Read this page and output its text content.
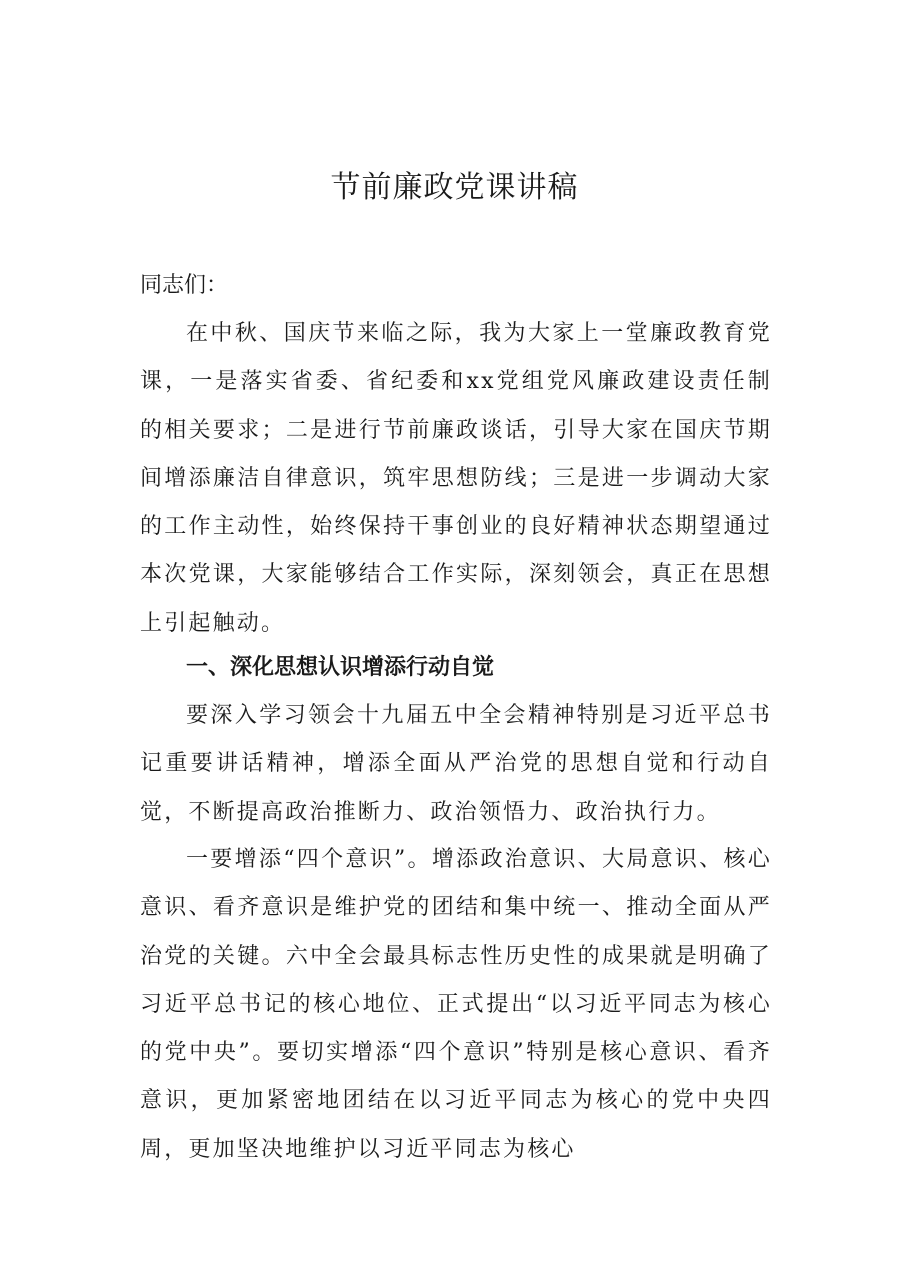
节前廉政党课讲稿
同志们：
在中秋、国庆节来临之际，我为大家上一堂廉政教育党课，一是落实省委、省纪委和xx党组党风廉政建设责任制的相关要求；二是进行节前廉政谈话，引导大家在国庆节期间增添廉洁自律意识，筑牢思想防线；三是进一步调动大家的工作主动性，始终保持干事创业的良好精神状态期望通过本次党课，大家能够结合工作实际，深刻领会，真正在思想上引起触动。
一、深化思想认识增添行动自觉
要深入学习领会十九届五中全会精神特别是习近平总书记重要讲话精神，增添全面从严治党的思想自觉和行动自觉，不断提高政治推断力、政治领悟力、政治执行力。
一要增添“四个意识”。增添政治意识、大局意识、核心意识、看齐意识是维护党的团结和集中统一、推动全面从严治党的关键。六中全会最具标志性历史性的成果就是明确了习近平总书记的核心地位、正式提出“以习近平同志为核心的党中央”。要切实增添“四个意识”特别是核心意识、看齐意识，更加紧密地团结在以习近平同志为核心的党中央四周，更加坚决地维护以习近平同志为核心
